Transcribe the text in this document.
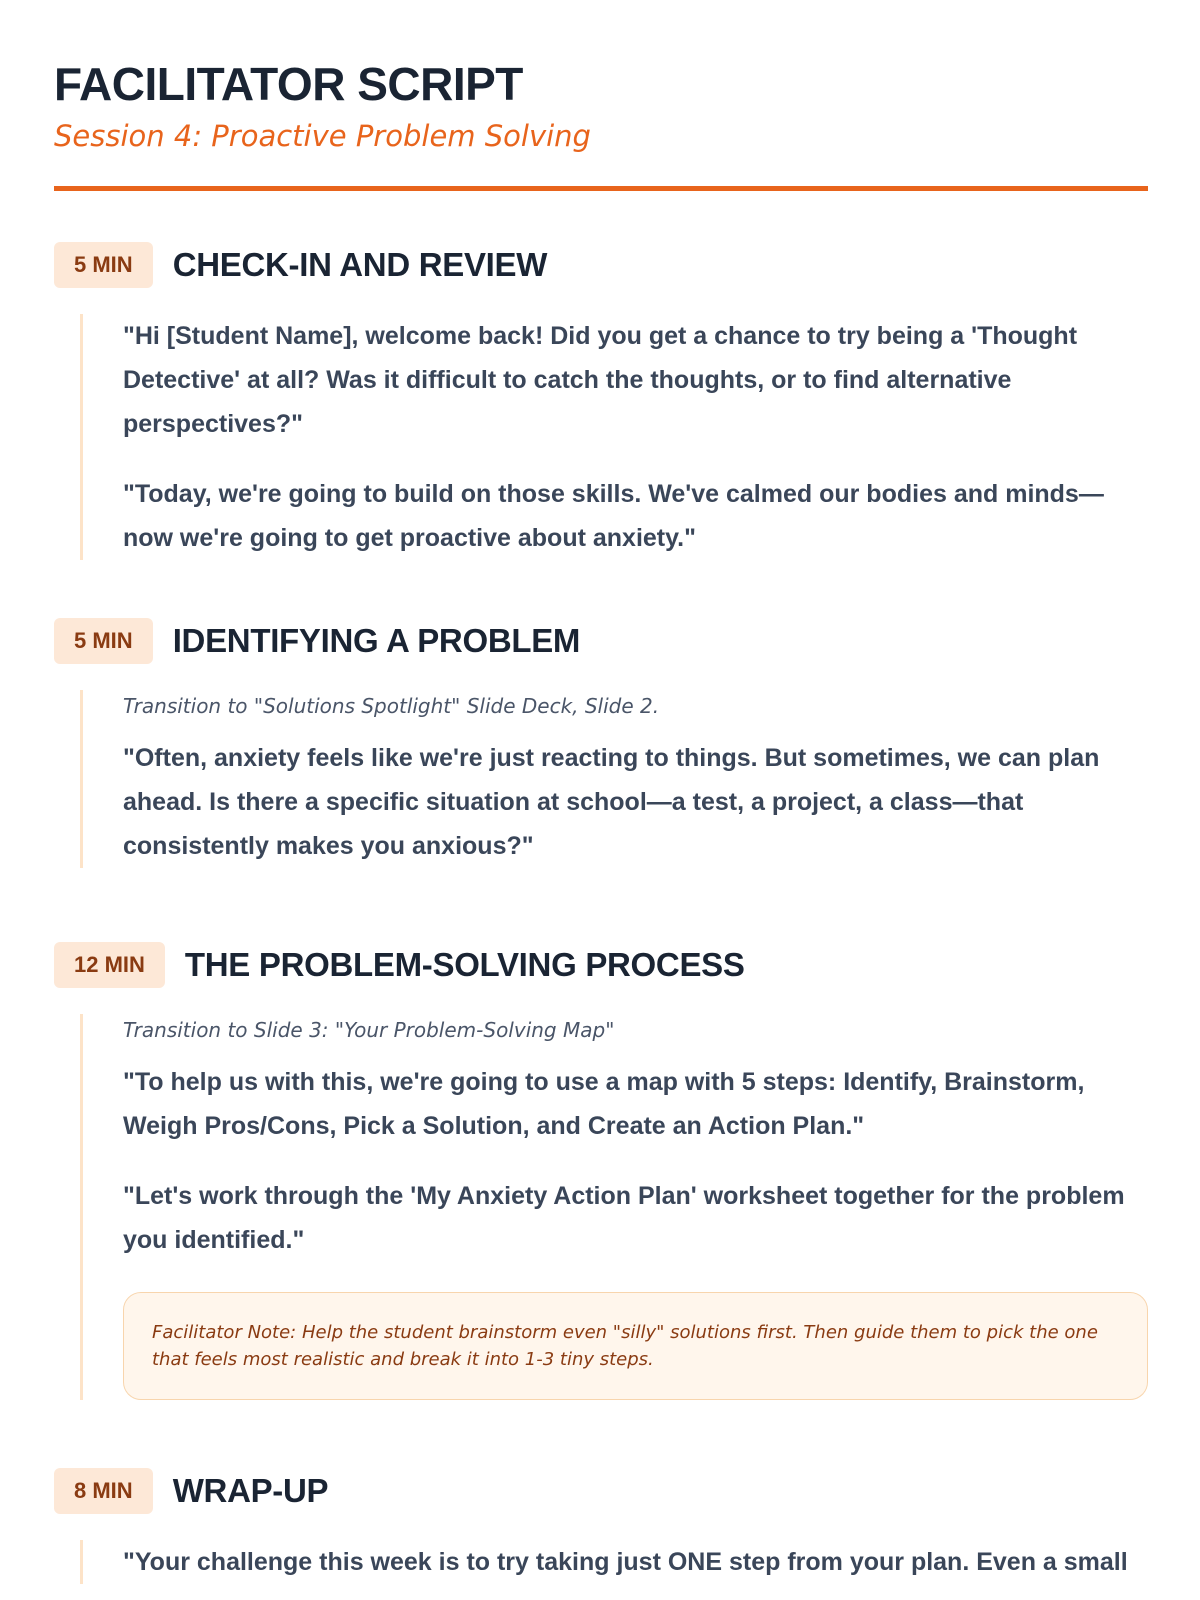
FACILITATOR SCRIPT
Session 4: Proactive Problem Solving
5 MIN	CHECK-IN AND REVIEW

"Hi [Student Name], welcome back! Did you get a chance to try being a 'Thought Detective' at all? Was it difficult to catch the thoughts, or to find alternative perspectives?"

"Today, we're going to build on those skills. We've calmed our bodies and minds—now we're going to get proactive about anxiety."

5 MIN	IDENTIFYING A PROBLEM

Transition to "Solutions Spotlight" Slide Deck, Slide 2.

"Often, anxiety feels like we're just reacting to things. But sometimes, we can plan ahead. Is there a specific situation at school—a test, a project, a class—that consistently makes you anxious?"

12 MIN	THE PROBLEM-SOLVING PROCESS

Transition to Slide 3: "Your Problem-Solving Map"

"To help us with this, we're going to use a map with 5 steps: Identify, Brainstorm, Weigh Pros/Cons, Pick a Solution, and Create an Action Plan."

"Let's work through the 'My Anxiety Action Plan' worksheet together for the problem you identified."

Facilitator Note: Help the student brainstorm even "silly" solutions first. Then guide them to pick the one that feels most realistic and break it into 1-3 tiny steps.

8 MIN	WRAP-UP

"Your challenge this week is to try taking just ONE step from your plan. Even a small
